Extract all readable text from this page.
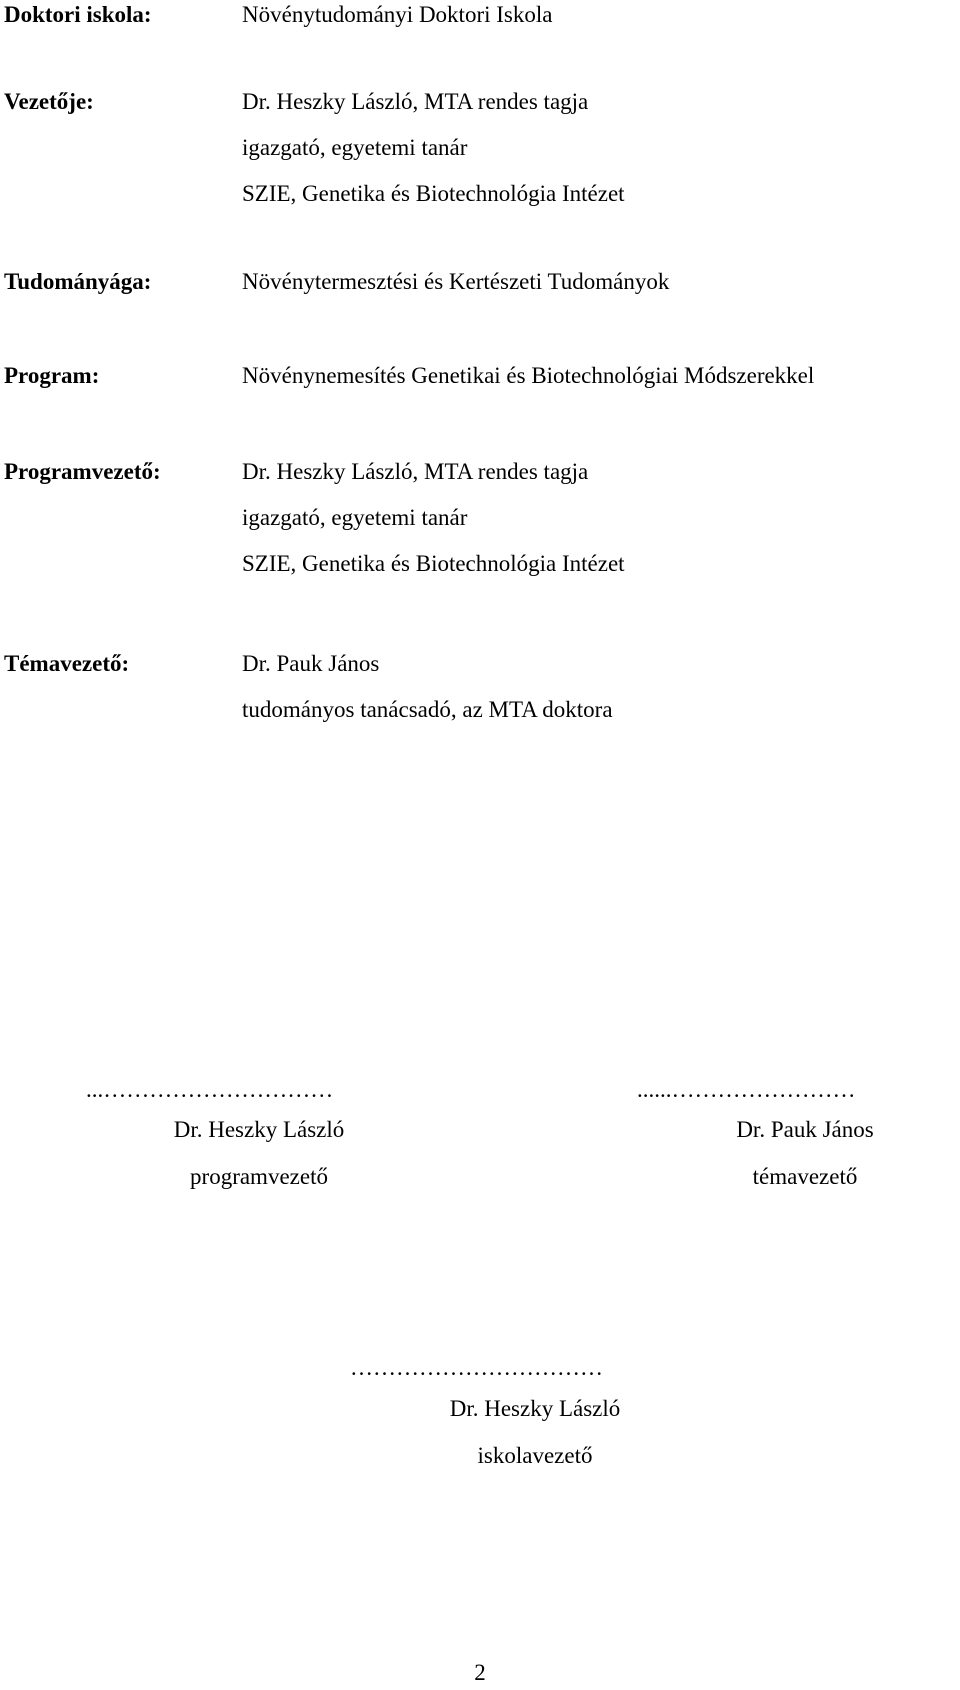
Doktori iskola:	Növénytudományi Doktori Iskola
Vezetője:	Dr. Heszky László, MTA rendes tagja
igazgató, egyetemi tanár
SZIE, Genetika és Biotechnológia Intézet
Tudományága:	Növénytermesztési és Kertészeti Tudományok
Program:	Növénynemesítés Genetikai és Biotechnológiai Módszerekkel
Programvezető:	Dr. Heszky László, MTA rendes tagja
igazgató, egyetemi tanár
SZIE, Genetika és Biotechnológia Intézet
Témavezető:	Dr. Pauk János
tudományos tanácsadó, az MTA doktora
...…………………………
Dr. Heszky László
programvezető
......……………………
Dr. Pauk János
témavezető
……………………………
Dr. Heszky László
iskolavezető
2
